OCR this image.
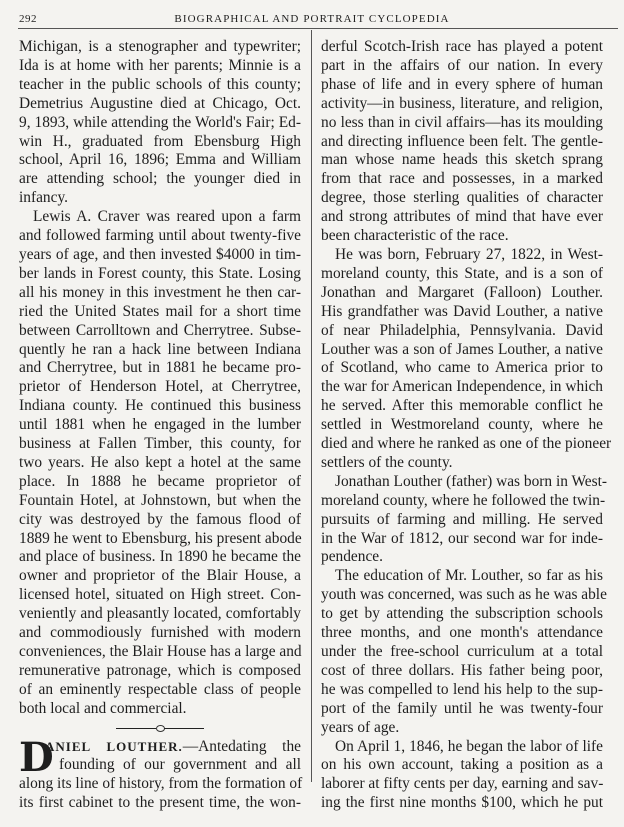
292	BIOGRAPHICAL AND PORTRAIT CYCLOPEDIA
Michigan, is a stenographer and typewriter;
Ida is at home with her parents; Minnie is a
teacher in the public schools of this county;
Demetrius Augustine died at Chicago, Oct.
9, 1893, while attending the World's Fair; Ed-
win H., graduated from Ebensburg High
school, April 16, 1896; Emma and William
are attending school; the younger died in
infancy.
Lewis A. Craver was reared upon a farm
and followed farming until about twenty-five
years of age, and then invested $4000 in tim-
ber lands in Forest county, this State. Losing
all his money in this investment he then car-
ried the United States mail for a short time
between Carrolltown and Cherrytree. Subse-
quently he ran a hack line between Indiana
and Cherrytree, but in 1881 he became pro-
prietor of Henderson Hotel, at Cherrytree,
Indiana county. He continued this business
until 1881 when he engaged in the lumber
business at Fallen Timber, this county, for
two years. He also kept a hotel at the same
place. In 1888 he became proprietor of
Fountain Hotel, at Johnstown, but when the
city was destroyed by the famous flood of
1889 he went to Ebensburg, his present abode
and place of business. In 1890 he became the
owner and proprietor of the Blair House, a
licensed hotel, situated on High street. Con-
veniently and pleasantly located, comfortably
and commodiously furnished with modern
conveniences, the Blair House has a large and
remunerative patronage, which is composed
of an eminently respectable class of people
both local and commercial.
D
ANIEL LOUTHER.—Antedating the
founding of our government and all
along its line of history, from the formation of
its first cabinet to the present time, the won-
derful Scotch-Irish race has played a potent
part in the affairs of our nation. In every
phase of life and in every sphere of human
activity—in business, literature, and religion,
no less than in civil affairs—has its moulding
and directing influence been felt. The gentle-
man whose name heads this sketch sprang
from that race and possesses, in a marked
degree, those sterling qualities of character
and strong attributes of mind that have ever
been characteristic of the race.
He was born, February 27, 1822, in West-
moreland county, this State, and is a son of
Jonathan and Margaret (Falloon) Louther.
His grandfather was David Louther, a native
of near Philadelphia, Pennsylvania. David
Louther was a son of James Louther, a native
of Scotland, who came to America prior to
the war for American Independence, in which
he served. After this memorable conflict he
settled in Westmoreland county, where he
died and where he ranked as one of the pioneer
settlers of the county.
Jonathan Louther (father) was born in West-
moreland county, where he followed the twin-
pursuits of farming and milling. He served
in the War of 1812, our second war for inde-
pendence.
The education of Mr. Louther, so far as his
youth was concerned, was such as he was able
to get by attending the subscription schools
three months, and one month's attendance
under the free-school curriculum at a total
cost of three dollars. His father being poor,
he was compelled to lend his help to the sup-
port of the family until he was twenty-four
years of age.
On April 1, 1846, he began the labor of life
on his own account, taking a position as a
laborer at fifty cents per day, earning and sav-
ing the first nine months $100, which he put
